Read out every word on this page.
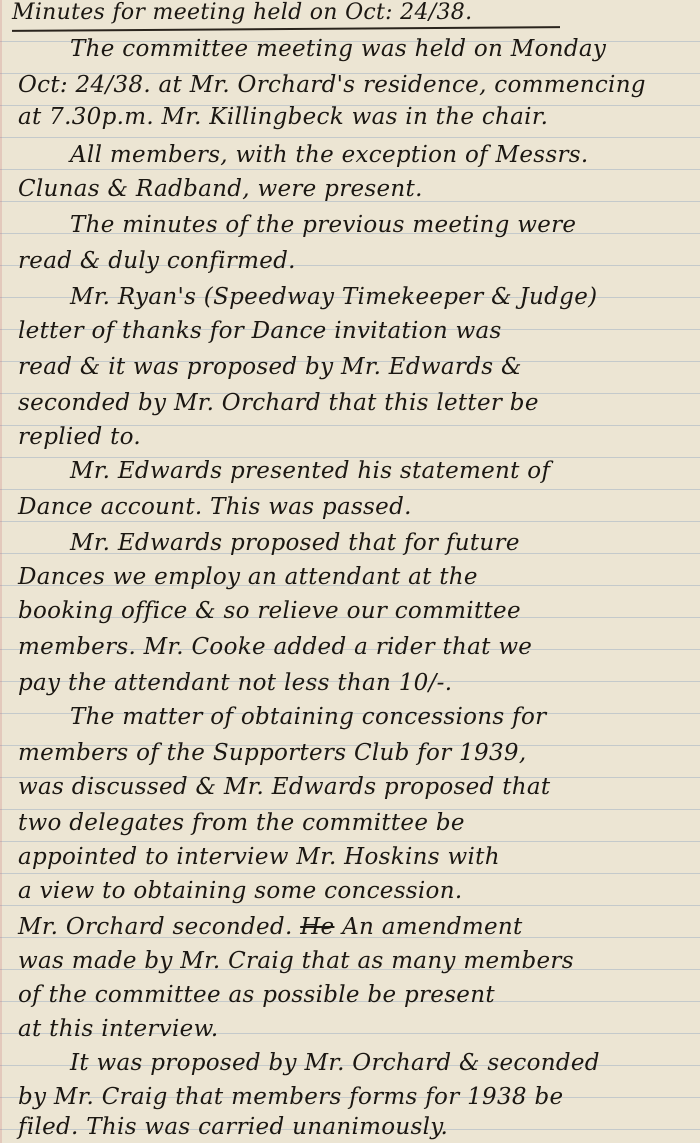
Minutes for meeting held on Oct: 24/38.
The committee meeting was held on Monday
Oct: 24/38. at Mr. Orchard's residence, commencing
at 7.30p.m. Mr. Killingbeck was in the chair.
All members, with the exception of Messrs.
Clunas & Radband, were present.
The minutes of the previous meeting were
read & duly confirmed.
Mr. Ryan's (Speedway Timekeeper & Judge)
letter of thanks for Dance invitation was
read & it was proposed by Mr. Edwards &
seconded by Mr. Orchard that this letter be
replied to.
Mr. Edwards presented his statement of
Dance account. This was passed.
Mr. Edwards proposed that for future
Dances we employ an attendant at the
booking office & so relieve our committee
members. Mr. Cooke added a rider that we
pay the attendant not less than 10/-.
The matter of obtaining concessions for
members of the Supporters Club for 1939,
was discussed & Mr. Edwards proposed that
two delegates from the committee be
appointed to interview Mr. Hoskins with
a view to obtaining some concession.
Mr. Orchard seconded. He An amendment
was made by Mr. Craig that as many members
of the committee as possible be present
at this interview.
It was proposed by Mr. Orchard & seconded
by Mr. Craig that members forms for 1938 be
filed. This was carried unanimously.
